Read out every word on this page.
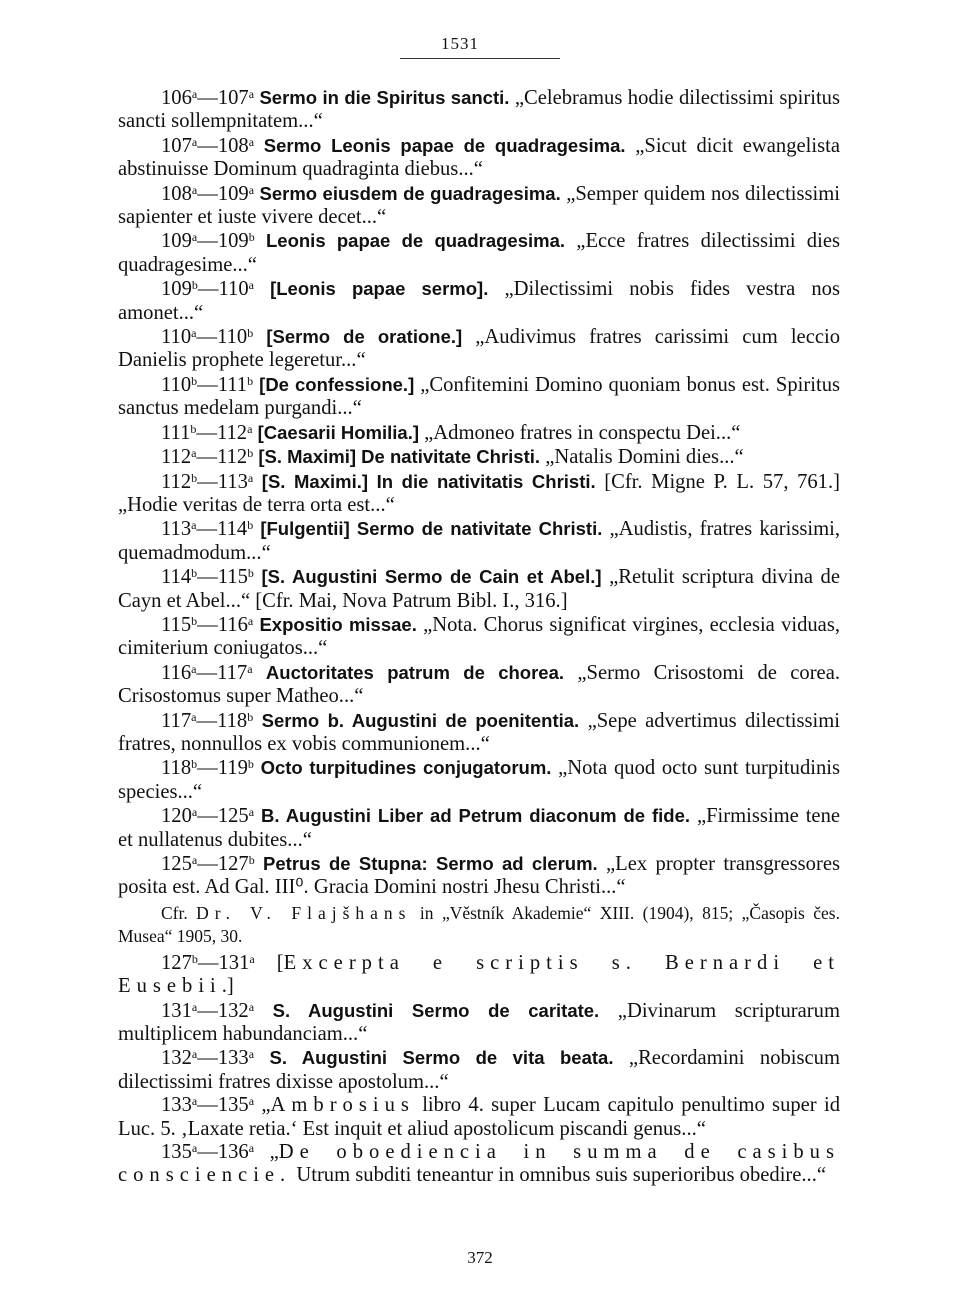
1531

106$^a$—107$^a$ Sermo in die Spiritus sancti. „Celebramus hodie dilectissimi spiritus sancti sollempnitatem...“

107$^a$—108$^a$ Sermo Leonis papae de quadragesima. „Sicut dicit ewangelista abstinuisse Dominum quadraginta diebus...“

108$^a$—109$^a$ Sermo eiusdem de guadragesima. „Semper quidem nos dilectissimi sapienter et iuste vivere decet...“

109$^a$—109$^b$ Leonis papae de quadragesima. „Ecce fratres dilectissimi dies quadragesime...“

109$^b$—110$^a$ [Leonis papae sermo]. „Dilectissimi nobis fides vestra nos amonet...“

110$^a$—110$^b$ [Sermo de oratione.] „Audivimus fratres carissimi cum leccio Danielis prophete legeretur...“

110$^b$—111$^b$ [De confessione.] „Confitemini Domino quoniam bonus est. Spiritus sanctus medelam purgandi...“

111$^b$—112$^a$ [Caesarii Homilia.] „Admoneo fratres in conspectu Dei...“

112$^a$—112$^b$ [S. Maximi] De nativitate Christi. „Natalis Domini dies...“

112$^b$—113$^a$ [S. Maximi.] In die nativitatis Christi. [Cfr. Migne P. L. 57, 761.] „Hodie veritas de terra orta est...“

113$^a$—114$^b$ [Fulgentii] Sermo de nativitate Christi. „Audistis, fratres karissimi, quemadmodum...“

114$^b$—115$^b$ [S. Augustini Sermo de Cain et Abel.] „Retulit scriptura divina de Cayn et Abel...“ [Cfr. Mai, Nova Patrum Bibl. I., 316.]

115$^b$—116$^a$ Expositio missae. „Nota. Chorus significat virgines, ecclesia viduas, cimiterium coniugatos...“

116$^a$—117$^a$ Auctoritates patrum de chorea. „Sermo Crisostomi de corea. Crisostomus super Matheo...“

117$^a$—118$^b$ Sermo b. Augustini de poenitentia. „Sepe advertimus dilectissimi fratres, nonnullos ex vobis communionem...“

118$^b$—119$^b$ Octo turpitudines conjugatorum. „Nota quod octo sunt turpitudinis species...“

120$^a$—125$^a$ B. Augustini Liber ad Petrum diaconum de fide. „Firmissime tene et nullatenus dubites...“

125$^a$—127$^b$ Petrus de Stupna: Sermo ad clerum. „Lex propter transgressores posita est. Ad Gal. III⁰. Gracia Domini nostri Jhesu Christi...“

Cfr. Dr. V. Flajšhans in „Věstník Akademie“ XIII. (1904), 815; „Časopis čes. Musea“ 1905, 30.

127$^b$—131$^a$ [Excerpta e scriptis s. Bernardi et Eusebii.]

131$^a$—132$^a$ S. Augustini Sermo de caritate. „Divinarum scripturarum multiplicem habundanciam...“

132$^a$—133$^a$ S. Augustini Sermo de vita beata. „Recordamini nobiscum dilectissimi fratres dixisse apostolum...“

133$^a$—135$^a$ „Ambrosius libro 4. super Lucam capitulo penultimo super id Luc. 5. ‚Laxate retia.‘ Est inquit et aliud apostolicum piscandi genus...“

135$^a$—136$^a$ „De oboediencia in summa de casibus consciencie. Utrum subditi teneantur in omnibus suis superioribus obedire...“

372
